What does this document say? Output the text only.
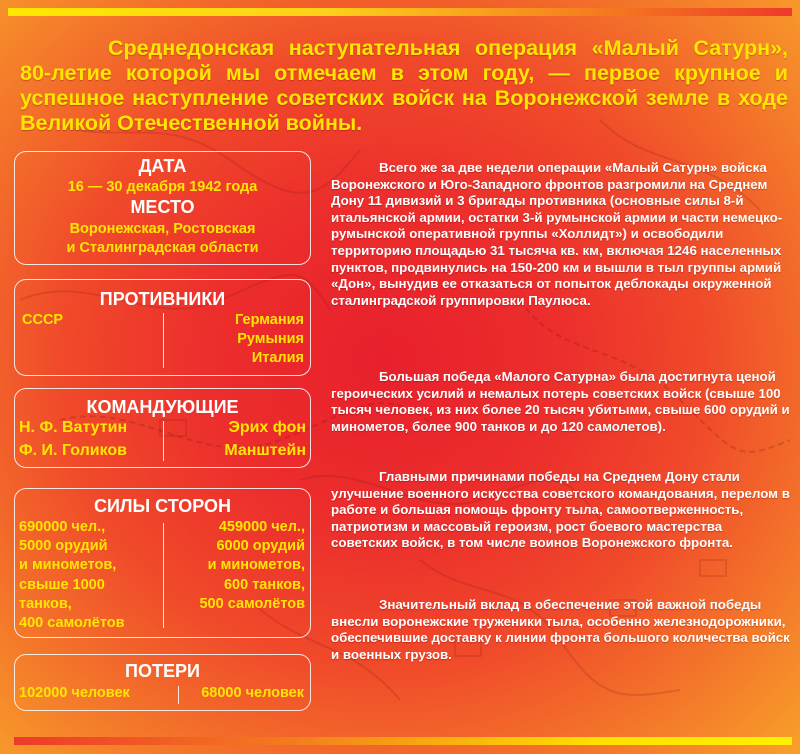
Среднедонская наступательная операция «Малый Сатурн», 80-летие которой мы отмечаем в этом году, — первое крупное и успешное наступление советских войск на Воронежской земле в ходе Великой Отечественной войны.
ДАТА
16 — 30 декабря 1942 года
МЕСТО
Воронежская, Ростовская
и Сталинградская области
ПРОТИВНИКИ
СССР	Германия
Румыния
Италия
КОМАНДУЮЩИЕ
Н. Ф. Ватутин
Ф. И. Голиков
Эрих фон
Манштейн
СИЛЫ СТОРОН
690000 чел.,
5000 орудий
и минометов,
свыше 1000
танков,
400 самолётов
459000 чел.,
6000 орудий
и минометов,
600 танков,
500 самолётов
ПОТЕРИ
102000 человек	68000 человек

Всего же за две недели операции «Малый Сатурн» войска Воронежского и Юго-Западного фронтов разгромили на Среднем Дону 11 дивизий и 3 бригады противника (основные силы 8-й итальянской армии, остатки 3-й румынской армии и части немецко-румынской оперативной группы «Холлидт») и освободили территорию площадью 31 тысяча кв. км, включая 1246 населенных пунктов, продвинулись на 150-200 км и вышли в тыл группы армий «Дон», вынудив ее отказаться от попыток деблокады окруженной сталинградской группировки Паулюса.

Большая победа «Малого Сатурна» была достигнута ценой героических усилий и немалых потерь советских войск (свыше 100 тысяч человек, из них более 20 тысяч убитыми, свыше 600 орудий и минометов, более 900 танков и до 120 самолетов).

Главными причинами победы на Среднем Дону стали улучшение военного искусства советского командования, перелом в работе и большая помощь фронту тыла, самоотверженность, патриотизм и массовый героизм, рост боевого мастерства советских войск, в том числе воинов Воронежского фронта.

Значительный вклад в обеспечение этой важной победы внесли воронежские труженики тыла, особенно железнодорожники, обеспечившие доставку к линии фронта большого количества войск и военных грузов.
